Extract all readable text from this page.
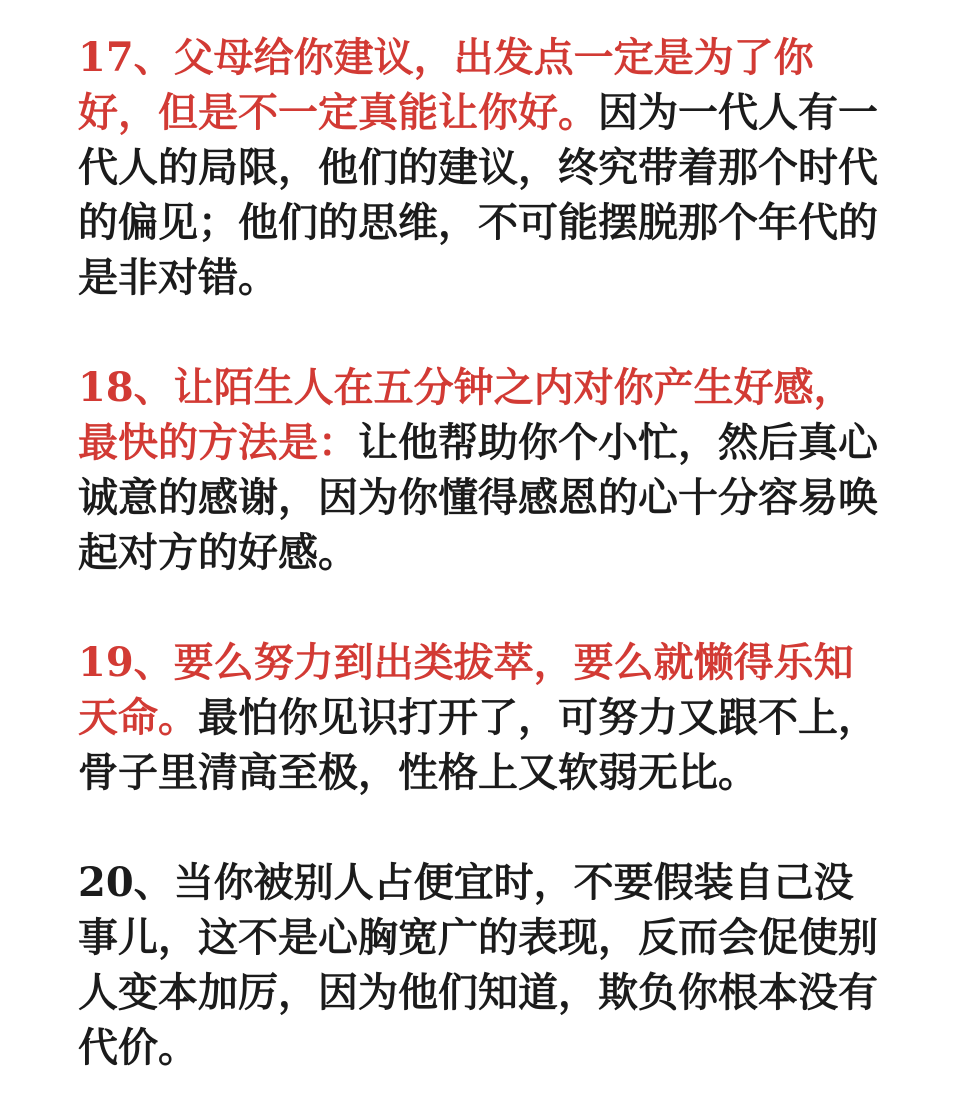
17、父母给你建议，出发点一定是为了你好，但是不一定真能让你好。因为一代人有一代人的局限，他们的建议，终究带着那个时代的偏见；他们的思维，不可能摆脱那个年代的是非对错。

18、让陌生人在五分钟之内对你产生好感，最快的方法是：让他帮助你个小忙，然后真心诚意的感谢，因为你懂得感恩的心十分容易唤起对方的好感。

19、要么努力到出类拔萃，要么就懒得乐知天命。最怕你见识打开了，可努力又跟不上，骨子里清高至极，性格上又软弱无比。

20、当你被别人占便宜时，不要假装自己没事儿，这不是心胸宽广的表现，反而会促使别人变本加厉，因为他们知道，欺负你根本没有代价。
